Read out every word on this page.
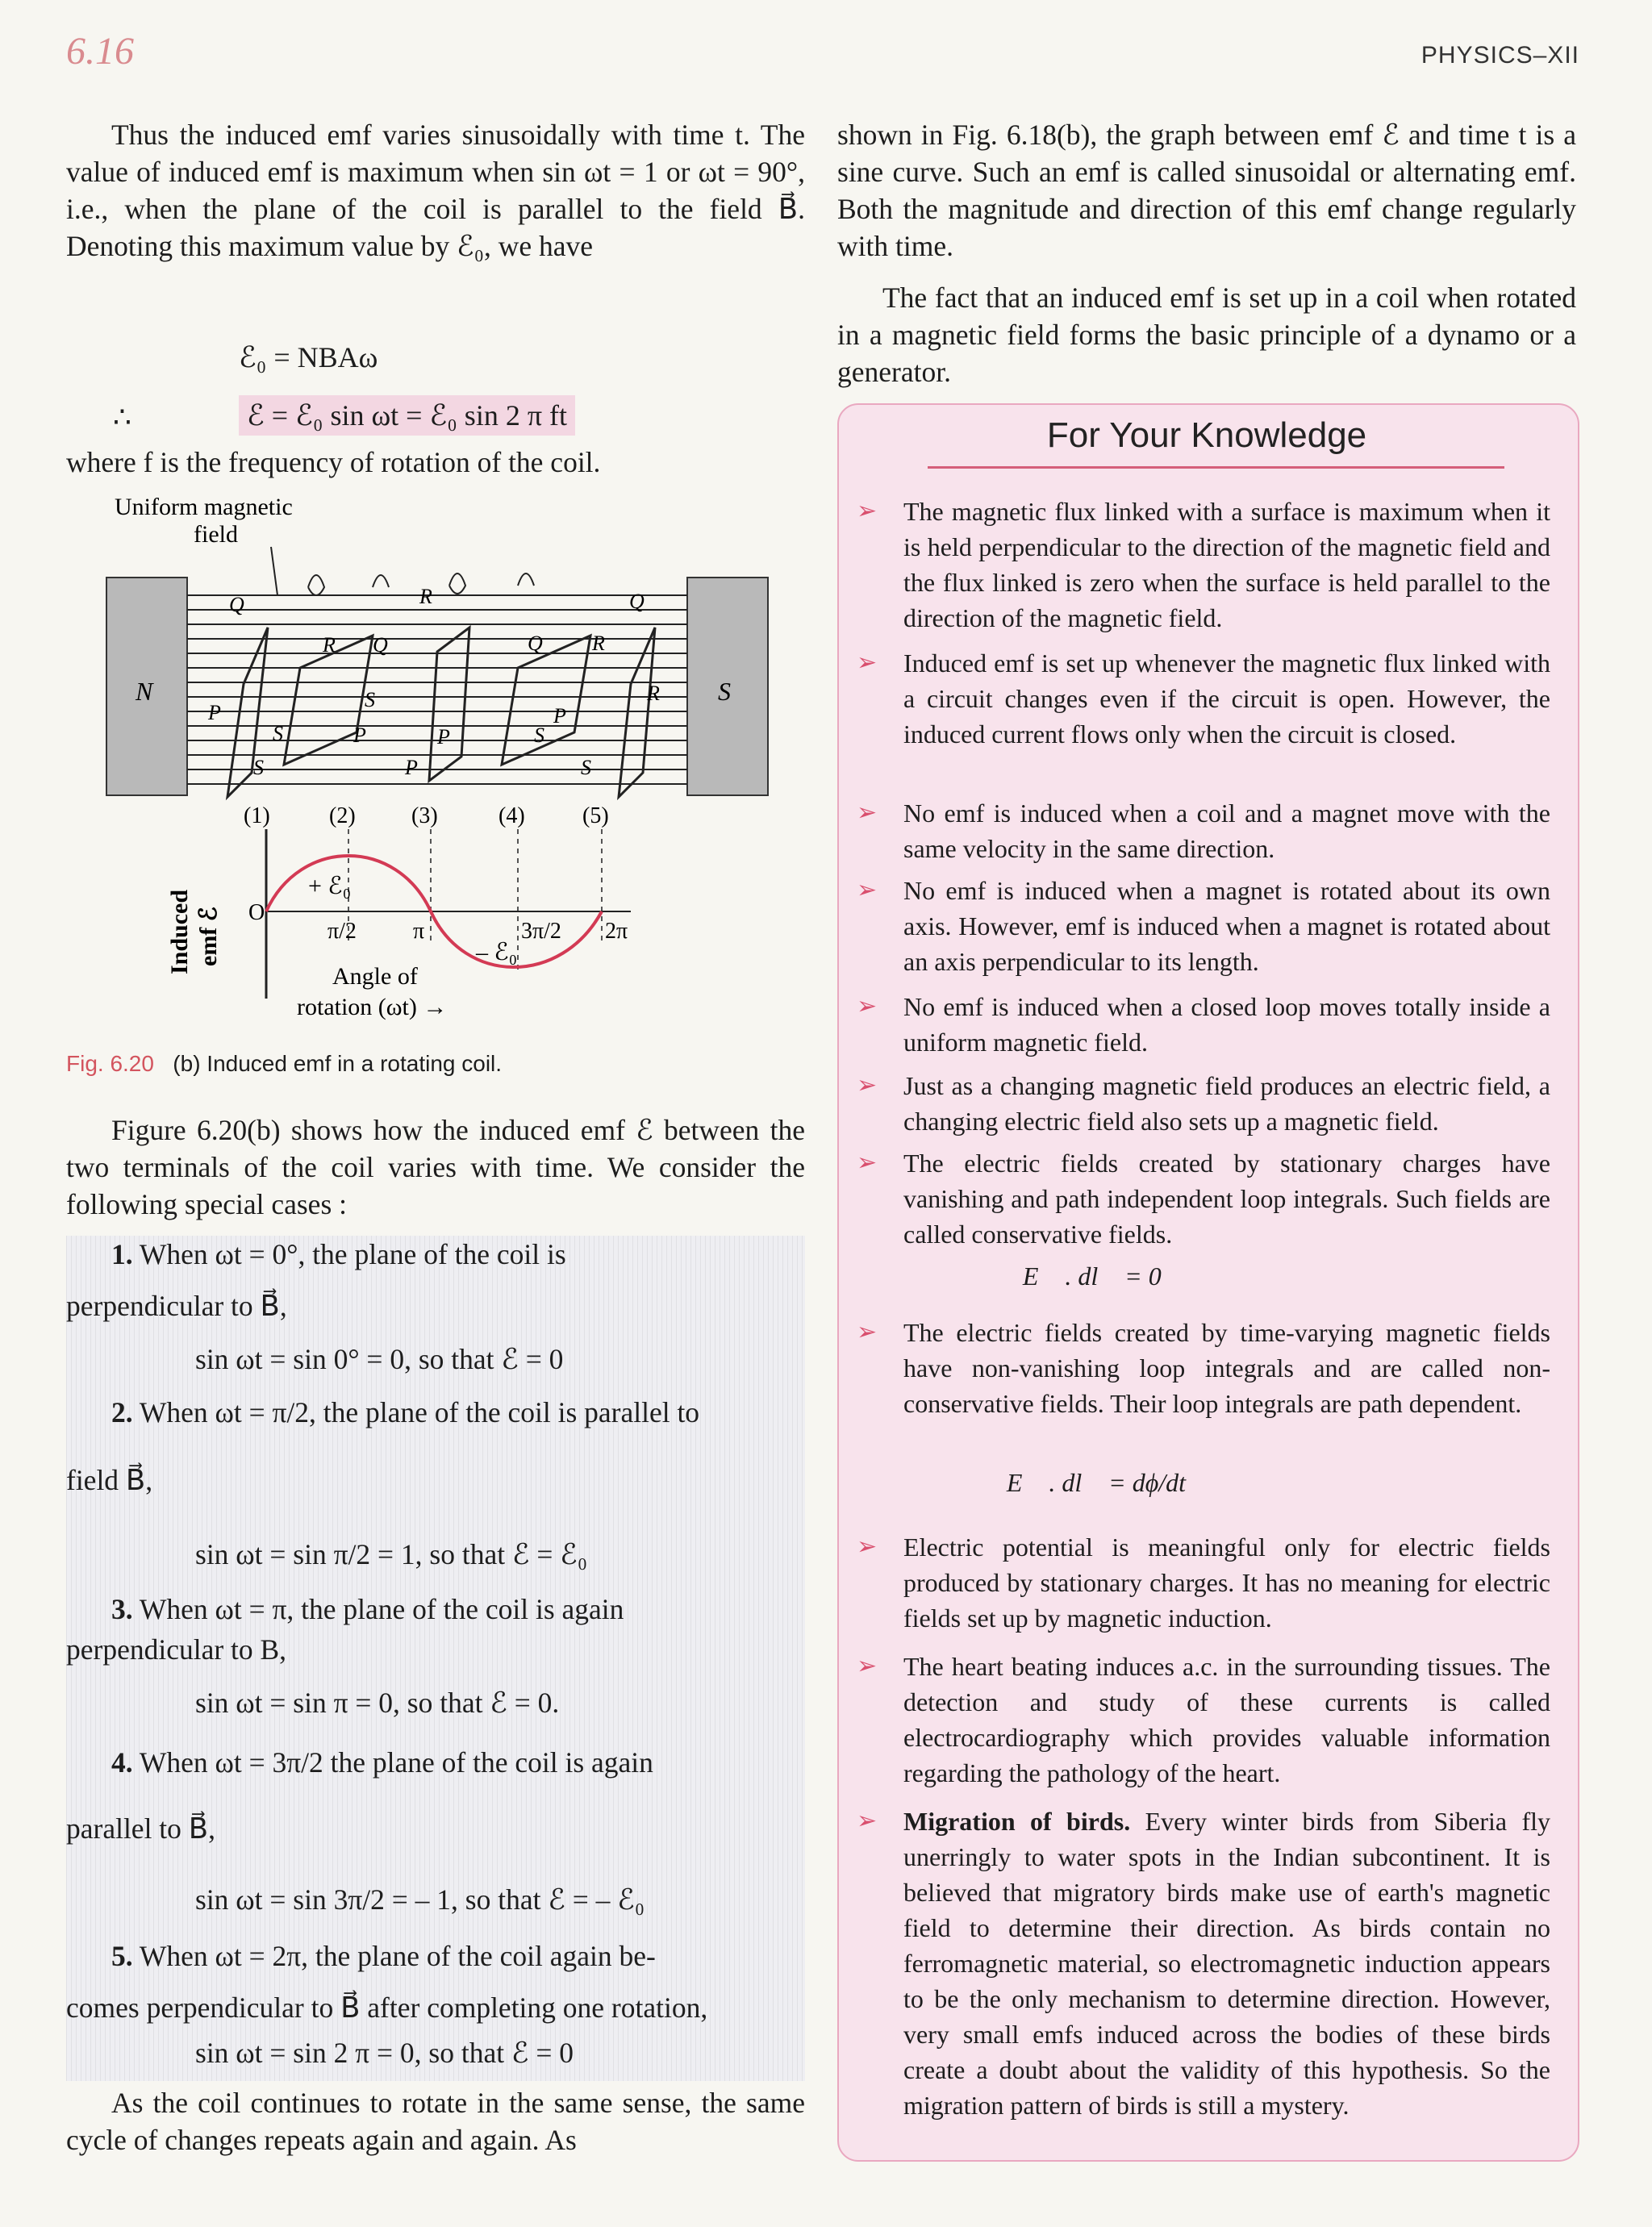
6.16	PHYSICS–XII
Thus the induced emf varies sinusoidally with time t. The value of induced emf is maximum when sin ωt = 1 or ωt = 90°, i.e., when the plane of the coil is parallel to the field B⃗. Denoting this maximum value by ℰ₀, we have
ℰ₀ = NBAω
∴	ℰ = ℰ₀ sin ωt = ℰ₀ sin 2 π ft
where f is the frequency of rotation of the coil.
Uniform magnetic
field
N	S
Q	R	Q
R Q	Q R
P
S	R
P
S	P	P	S
S	P	S
(1)	(2) (3)	(4)	(5)
O
+ ℰ₀
– ℰ₀
π/2	π	3π/2 2π
Angle of
rotation (ωt) →
Induced emf ℰ
Fig. 6.20 (b) Induced emf in a rotating coil.
Figure 6.20(b) shows how the induced emf ℰ between the two terminals of the coil varies with time. We consider the following special cases :
1. When ωt = 0°, the plane of the coil is
perpendicular to B⃗,
sin ωt = sin 0° = 0, so that ℰ = 0
2. When ωt = π/2, the plane of the coil is parallel to
field B⃗,
sin ωt = sin π/2 = 1, so that ℰ = ℰ₀
3. When ωt = π, the plane of the coil is again
perpendicular to B,
sin ωt = sin π = 0, so that ℰ = 0.
4. When ωt = 3π/2 the plane of the coil is again
parallel to B⃗,
sin ωt = sin 3π/2 = – 1, so that ℰ = – ℰ₀
5. When ωt = 2π, the plane of the coil again be-
comes perpendicular to B⃗ after completing one rotation,
sin ωt = sin 2 π = 0, so that ℰ = 0
As the coil continues to rotate in the same sense, the same cycle of changes repeats again and again. As
shown in Fig. 6.18(b), the graph between emf ℰ and time t is a sine curve. Such an emf is called sinusoidal or alternating emf. Both the magnitude and direction of this emf change regularly with time.
The fact that an induced emf is set up in a coil when rotated in a magnetic field forms the basic principle of a dynamo or a generator.
For Your Knowledge
➢ The magnetic flux linked with a surface is maximum when it is held perpendicular to the direction of the magnetic field and the flux linked is zero when the surface is held parallel to the direction of the magnetic field.
➢ Induced emf is set up whenever the magnetic flux linked with a circuit changes even if the circuit is open. However, the induced current flows only when the circuit is closed.
➢ No emf is induced when a coil and a magnet move with the same velocity in the same direction.
➢ No emf is induced when a magnet is rotated about its own axis. However, emf is induced when a magnet is rotated about an axis perpendicular to its length.
➢ No emf is induced when a closed loop moves totally inside a uniform magnetic field.
➢ Just as a changing magnetic field produces an electric field, a changing electric field also sets up a magnetic field.
➢ The electric fields created by stationary charges have vanishing and path independent loop integrals. Such fields are called conservative fields.
∮ E⃗ . dl⃗ = 0
➢ The electric fields created by time-varying magnetic fields have non-vanishing loop integrals and are called non-conservative fields. Their loop integrals are path dependent.
∮ E⃗ . dl⃗ = dϕ/dt
➢ Electric potential is meaningful only for electric fields produced by stationary charges. It has no meaning for electric fields set up by magnetic induction.
➢ The heart beating induces a.c. in the surrounding tissues. The detection and study of these currents is called electrocardiography which provides valuable information regarding the pathology of the heart.
➢ Migration of birds. Every winter birds from Siberia fly unerringly to water spots in the Indian subcontinent. It is believed that migratory birds make use of earth's magnetic field to determine their direction. As birds contain no ferromagnetic material, so electromagnetic induction appears to be the only mechanism to determine direction. However, very small emfs induced across the bodies of these birds create a doubt about the validity of this hypothesis. So the migration pattern of birds is still a mystery.
